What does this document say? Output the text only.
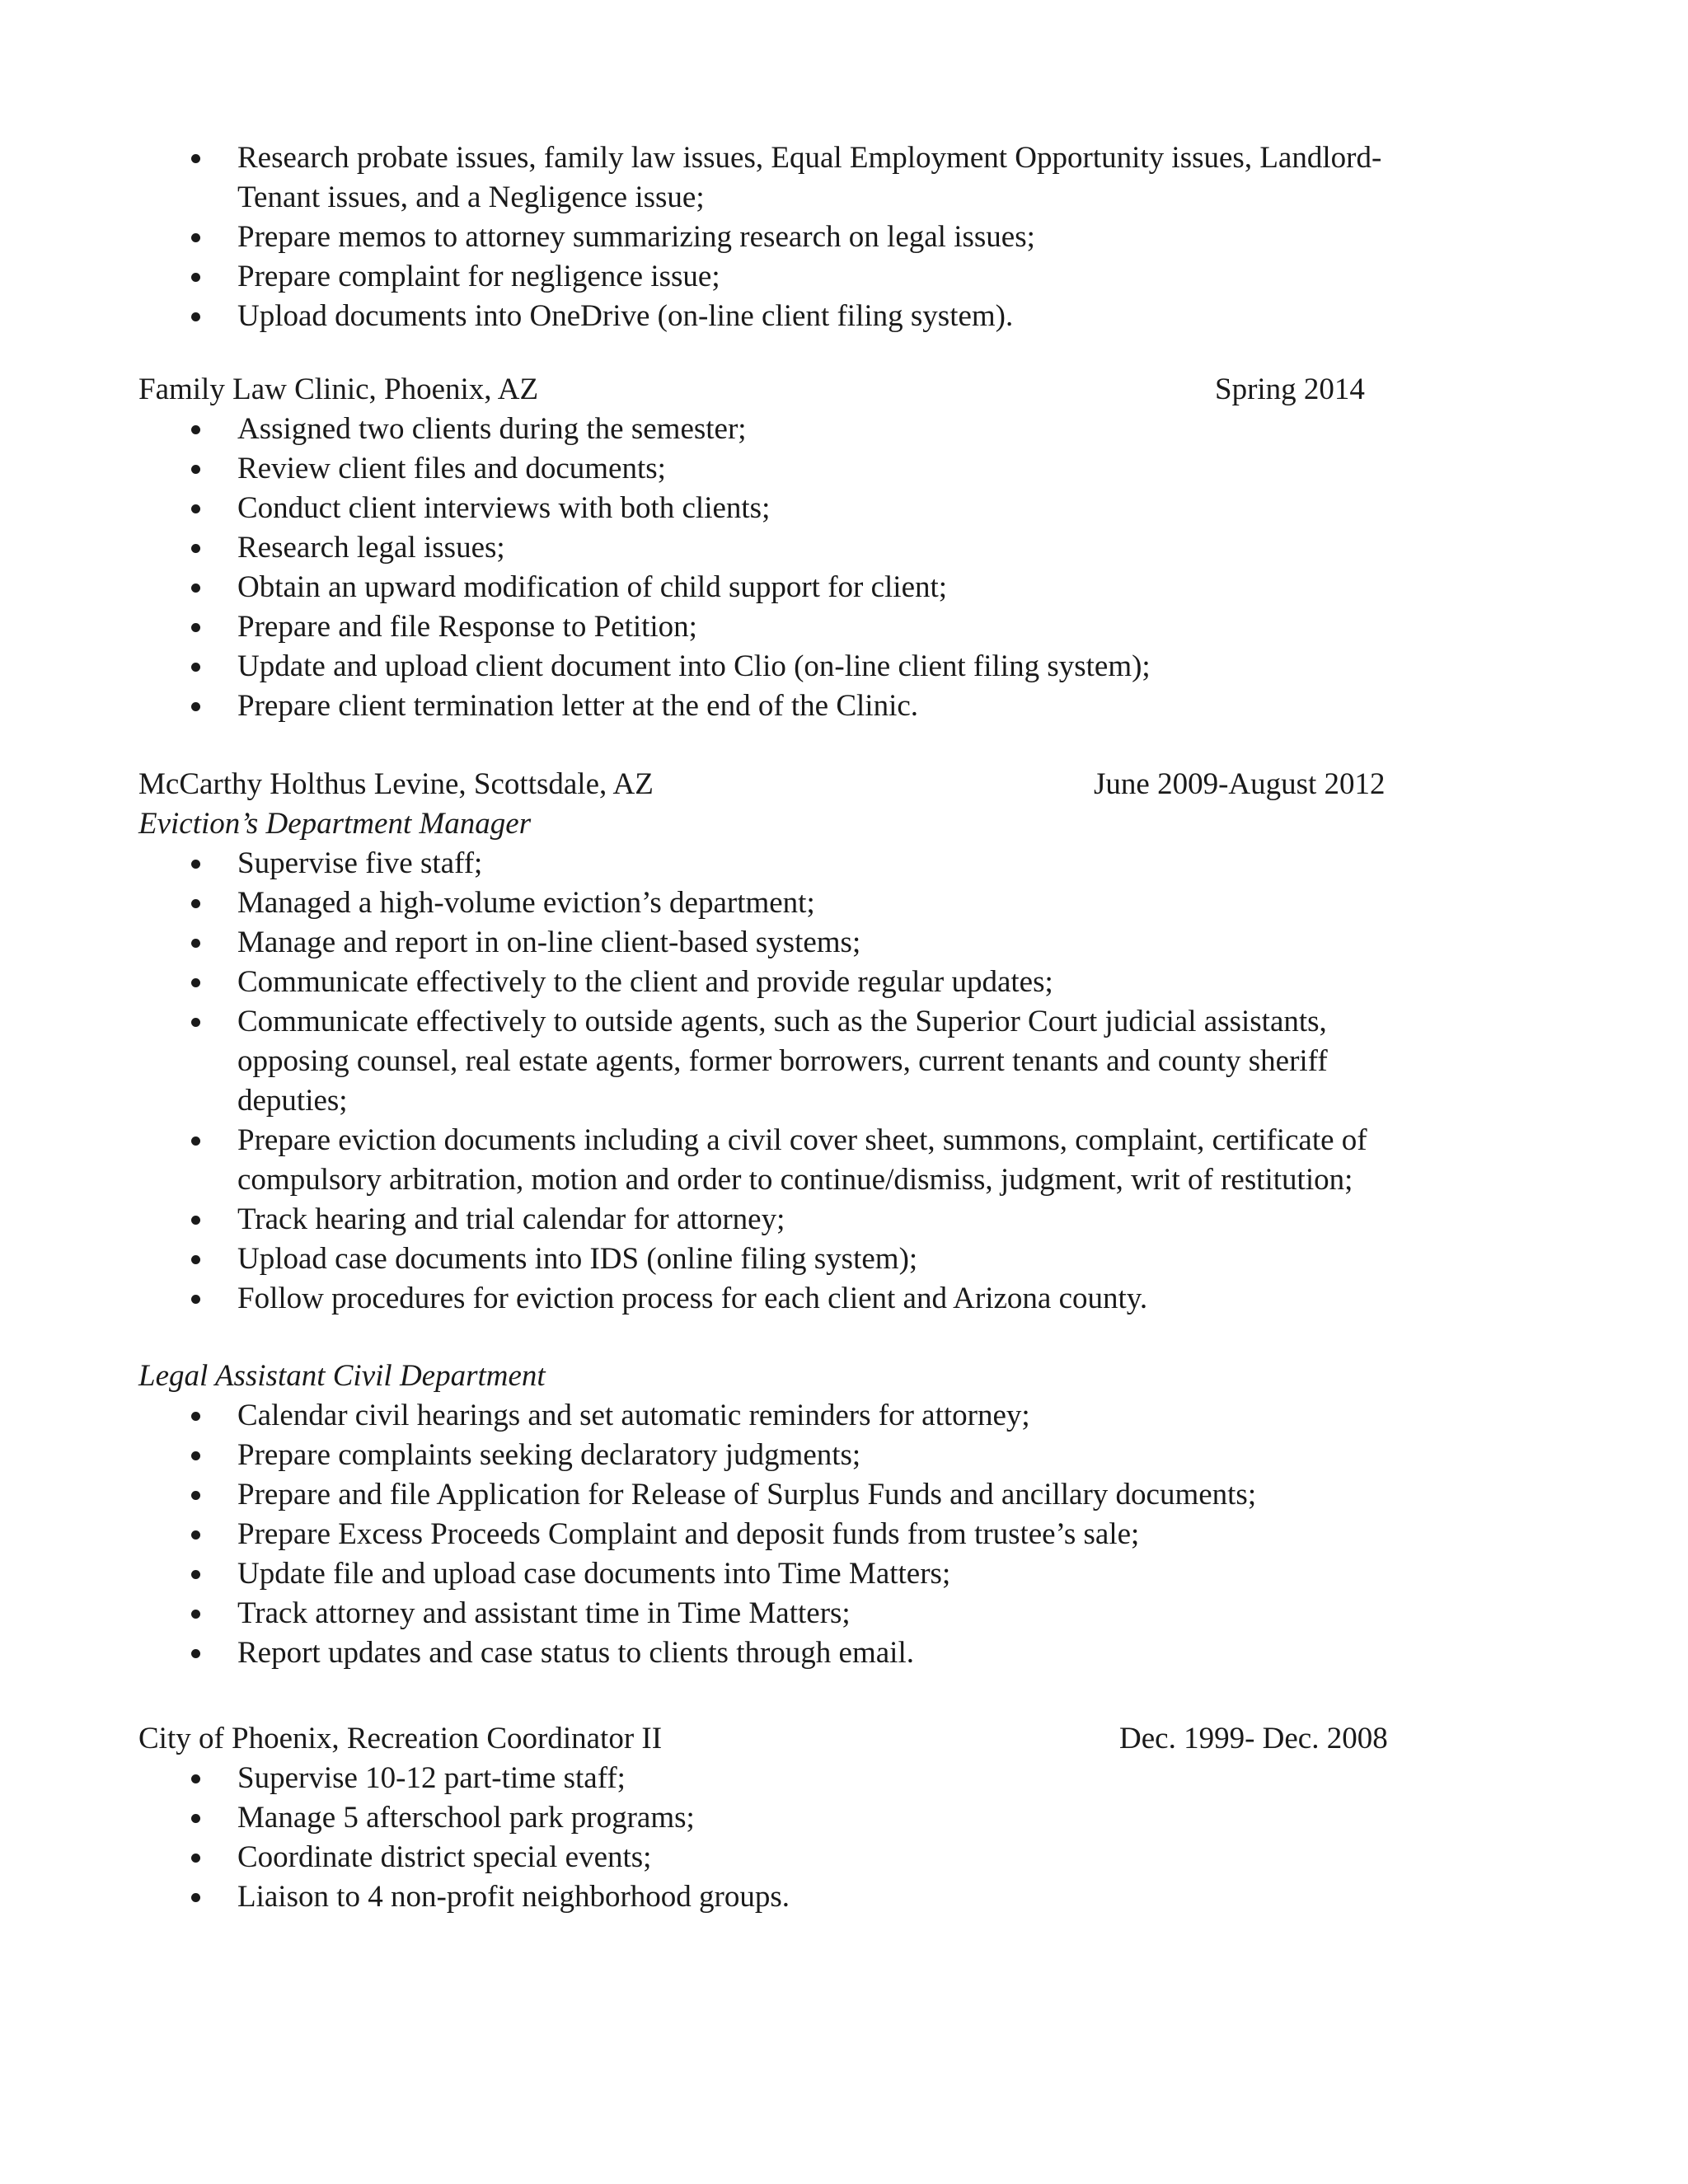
Research probate issues, family law issues, Equal Employment Opportunity issues, Landlord-Tenant issues, and a Negligence issue;
Prepare memos to attorney summarizing research on legal issues;
Prepare complaint for negligence issue;
Upload documents into OneDrive (on-line client filing system).
Family Law Clinic, Phoenix, AZ	Spring 2014
Assigned two clients during the semester;
Review client files and documents;
Conduct client interviews with both clients;
Research legal issues;
Obtain an upward modification of child support for client;
Prepare and file Response to Petition;
Update and upload client document into Clio (on-line client filing system);
Prepare client termination letter at the end of the Clinic.
McCarthy Holthus Levine, Scottsdale, AZ	June 2009-August 2012
Eviction’s Department Manager
Supervise five staff;
Managed a high-volume eviction’s department;
Manage and report in on-line client-based systems;
Communicate effectively to the client and provide regular updates;
Communicate effectively to outside agents, such as the Superior Court judicial assistants, opposing counsel, real estate agents, former borrowers, current tenants and county sheriff deputies;
Prepare eviction documents including a civil cover sheet, summons, complaint, certificate of compulsory arbitration, motion and order to continue/dismiss, judgment, writ of restitution;
Track hearing and trial calendar for attorney;
Upload case documents into IDS (online filing system);
Follow procedures for eviction process for each client and Arizona county.
Legal Assistant Civil Department
Calendar civil hearings and set automatic reminders for attorney;
Prepare complaints seeking declaratory judgments;
Prepare and file Application for Release of Surplus Funds and ancillary documents;
Prepare Excess Proceeds Complaint and deposit funds from trustee’s sale;
Update file and upload case documents into Time Matters;
Track attorney and assistant time in Time Matters;
Report updates and case status to clients through email.
City of Phoenix, Recreation Coordinator II	Dec. 1999- Dec. 2008
Supervise 10-12 part-time staff;
Manage 5 afterschool park programs;
Coordinate district special events;
Liaison to 4 non-profit neighborhood groups.
